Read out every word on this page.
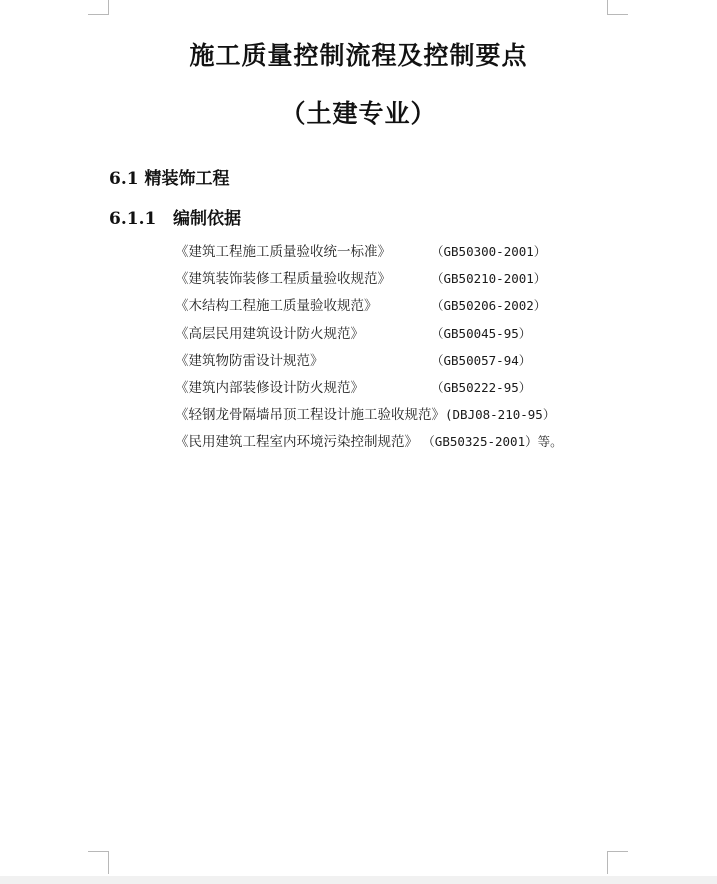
施工质量控制流程及控制要点
（土建专业）
6.1 精装饰工程
6.1.1 编制依据
《建筑工程施工质量验收统一标准》	（GB50300-2001）
《建筑装饰装修工程质量验收规范》	（GB50210-2001）
《木结构工程施工质量验收规范》	（GB50206-2002）
《高层民用建筑设计防火规范》	（GB50045-95）
《建筑物防雷设计规范》	（GB50057-94）
《建筑内部装修设计防火规范》	（GB50222-95）
《轻钢龙骨隔墙吊顶工程设计施工验收规范》(DBJ08-210-95）
《民用建筑工程室内环境污染控制规范》 （GB50325-2001）等。
